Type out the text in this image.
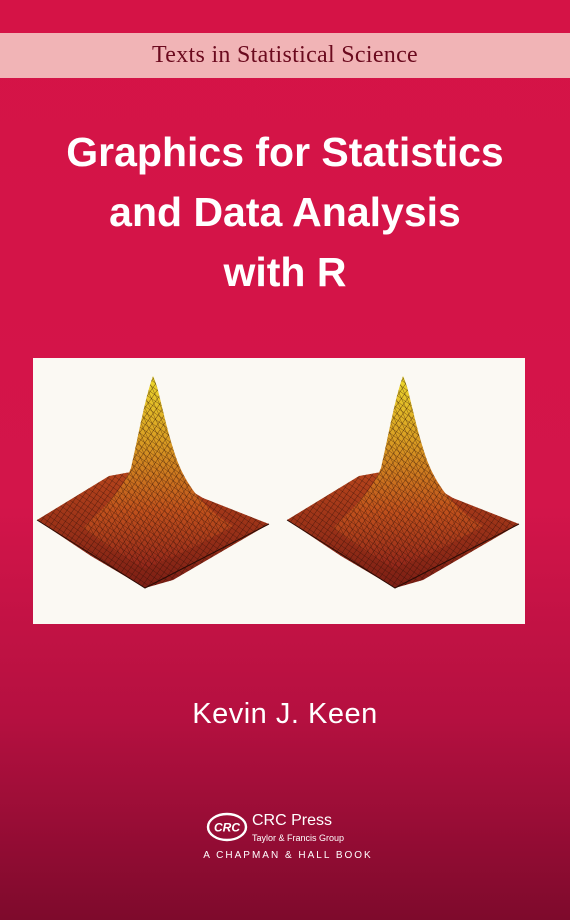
Texts in Statistical Science
Graphics for Statistics
and Data Analysis
with R
Kevin J. Keen
CRC CRC Press
Taylor & Francis Group
A CHAPMAN & HALL BOOK
